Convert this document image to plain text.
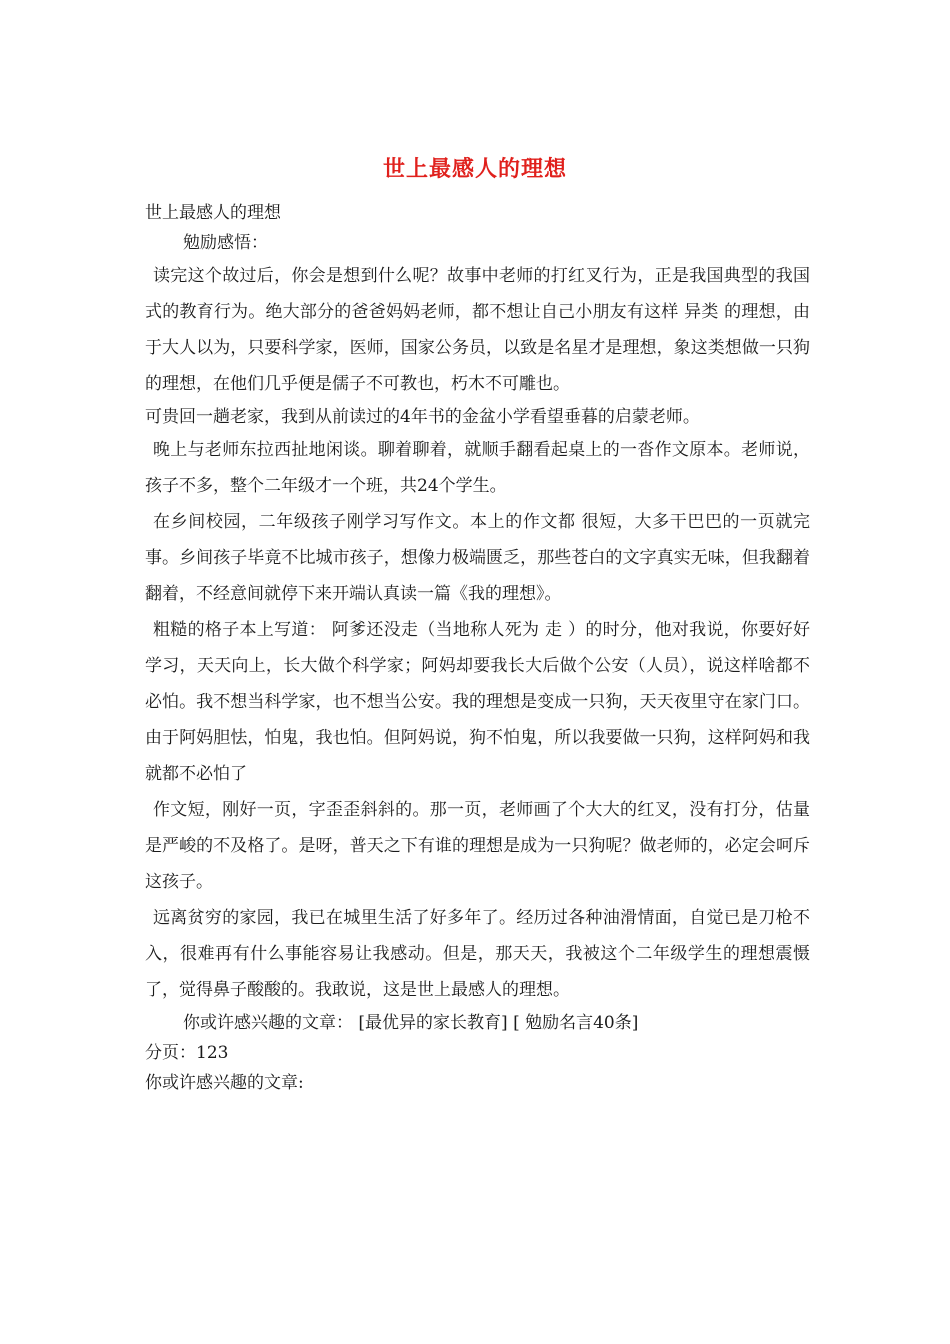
世上最感人的理想

世上最感人的理想

勉励感悟：

读完这个故过后，你会是想到什么呢？故事中老师的打红叉行为，正是我国典型的我国式的教育行为。绝大部分的爸爸妈妈老师，都不想让自己小朋友有这样 异类 的理想，由于大人以为，只要科学家，医师，国家公务员，以致是名星才是理想，象这类想做一只狗的理想，在他们几乎便是儒子不可教也，朽木不可雕也。

可贵回一趟老家，我到从前读过的4年书的金盆小学看望垂暮的启蒙老师。

晚上与老师东拉西扯地闲谈。聊着聊着，就顺手翻看起桌上的一沓作文原本。老师说，孩子不多，整个二年级才一个班，共24个学生。

在乡间校园，二年级孩子刚学习写作文。本上的作文都 很短，大多干巴巴的一页就完事。乡间孩子毕竟不比城市孩子，想像力极端匮乏，那些苍白的文字真实无味，但我翻着翻着，不经意间就停下来开端认真读一篇《我的理想》。

粗糙的格子本上写道： 阿爹还没走（当地称人死为 走 ）的时分，他对我说，你要好好学习，天天向上，长大做个科学家；阿妈却要我长大后做个公安（人员），说这样啥都不必怕。我不想当科学家，也不想当公安。我的理想是变成一只狗，天天夜里守在家门口。由于阿妈胆怯，怕鬼，我也怕。但阿妈说，狗不怕鬼，所以我要做一只狗，这样阿妈和我就都不必怕了

作文短，刚好一页，字歪歪斜斜的。那一页，老师画了个大大的红叉，没有打分，估量是严峻的不及格了。是呀，普天之下有谁的理想是成为一只狗呢？做老师的，必定会呵斥这孩子。

远离贫穷的家园，我已在城里生活了好多年了。经历过各种油滑情面，自觉已是刀枪不入，很难再有什么事能容易让我感动。但是，那天天，我被这个二年级学生的理想震慑了，觉得鼻子酸酸的。我敢说，这是世上最感人的理想。

你或许感兴趣的文章： [最优异的家长教育] [ 勉励名言40条]

分页：123

你或许感兴趣的文章:
